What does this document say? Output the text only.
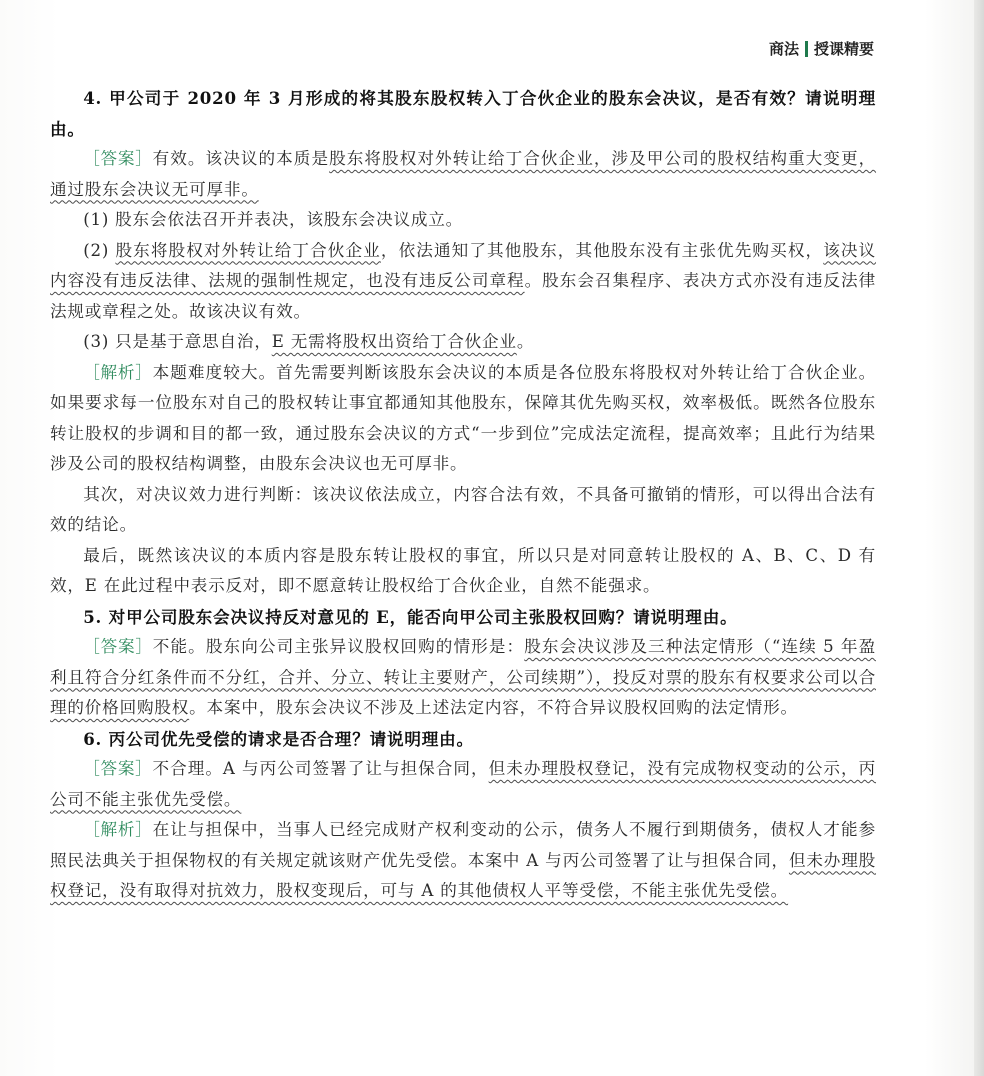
商法 授课精要

4. 甲公司于 2020 年 3 月形成的将其股东股权转入丁合伙企业的股东会决议，是否有效？请说明理由。

［答案］有效。该决议的本质是股东将股权对外转让给丁合伙企业，涉及甲公司的股权结构重大变更，通过股东会决议无可厚非。

(1) 股东会依法召开并表决，该股东会决议成立。

(2) 股东将股权对外转让给丁合伙企业，依法通知了其他股东，其他股东没有主张优先购买权，该决议内容没有违反法律、法规的强制性规定，也没有违反公司章程。股东会召集程序、表决方式亦没有违反法律法规或章程之处。故该决议有效。

(3) 只是基于意思自治，E 无需将股权出资给丁合伙企业。

［解析］本题难度较大。首先需要判断该股东会决议的本质是各位股东将股权对外转让给丁合伙企业。如果要求每一位股东对自己的股权转让事宜都通知其他股东，保障其优先购买权，效率极低。既然各位股东转让股权的步调和目的都一致，通过股东会决议的方式“一步到位”完成法定流程，提高效率；且此行为结果涉及公司的股权结构调整，由股东会决议也无可厚非。

其次，对决议效力进行判断：该决议依法成立，内容合法有效，不具备可撤销的情形，可以得出合法有效的结论。

最后，既然该决议的本质内容是股东转让股权的事宜，所以只是对同意转让股权的 A、B、C、D 有效，E 在此过程中表示反对，即不愿意转让股权给丁合伙企业，自然不能强求。

5. 对甲公司股东会决议持反对意见的 E，能否向甲公司主张股权回购？请说明理由。

［答案］不能。股东向公司主张异议股权回购的情形是：股东会决议涉及三种法定情形（“连续 5 年盈利且符合分红条件而不分红，合并、分立、转让主要财产，公司续期”），投反对票的股东有权要求公司以合理的价格回购股权。本案中，股东会决议不涉及上述法定内容，不符合异议股权回购的法定情形。

6. 丙公司优先受偿的请求是否合理？请说明理由。

［答案］不合理。A 与丙公司签署了让与担保合同，但未办理股权登记，没有完成物权变动的公示，丙公司不能主张优先受偿。

［解析］在让与担保中，当事人已经完成财产权利变动的公示，债务人不履行到期债务，债权人才能参照民法典关于担保物权的有关规定就该财产优先受偿。本案中 A 与丙公司签署了让与担保合同，但未办理股权登记，没有取得对抗效力，股权变现后，可与 A 的其他债权人平等受偿，不能主张优先受偿。
